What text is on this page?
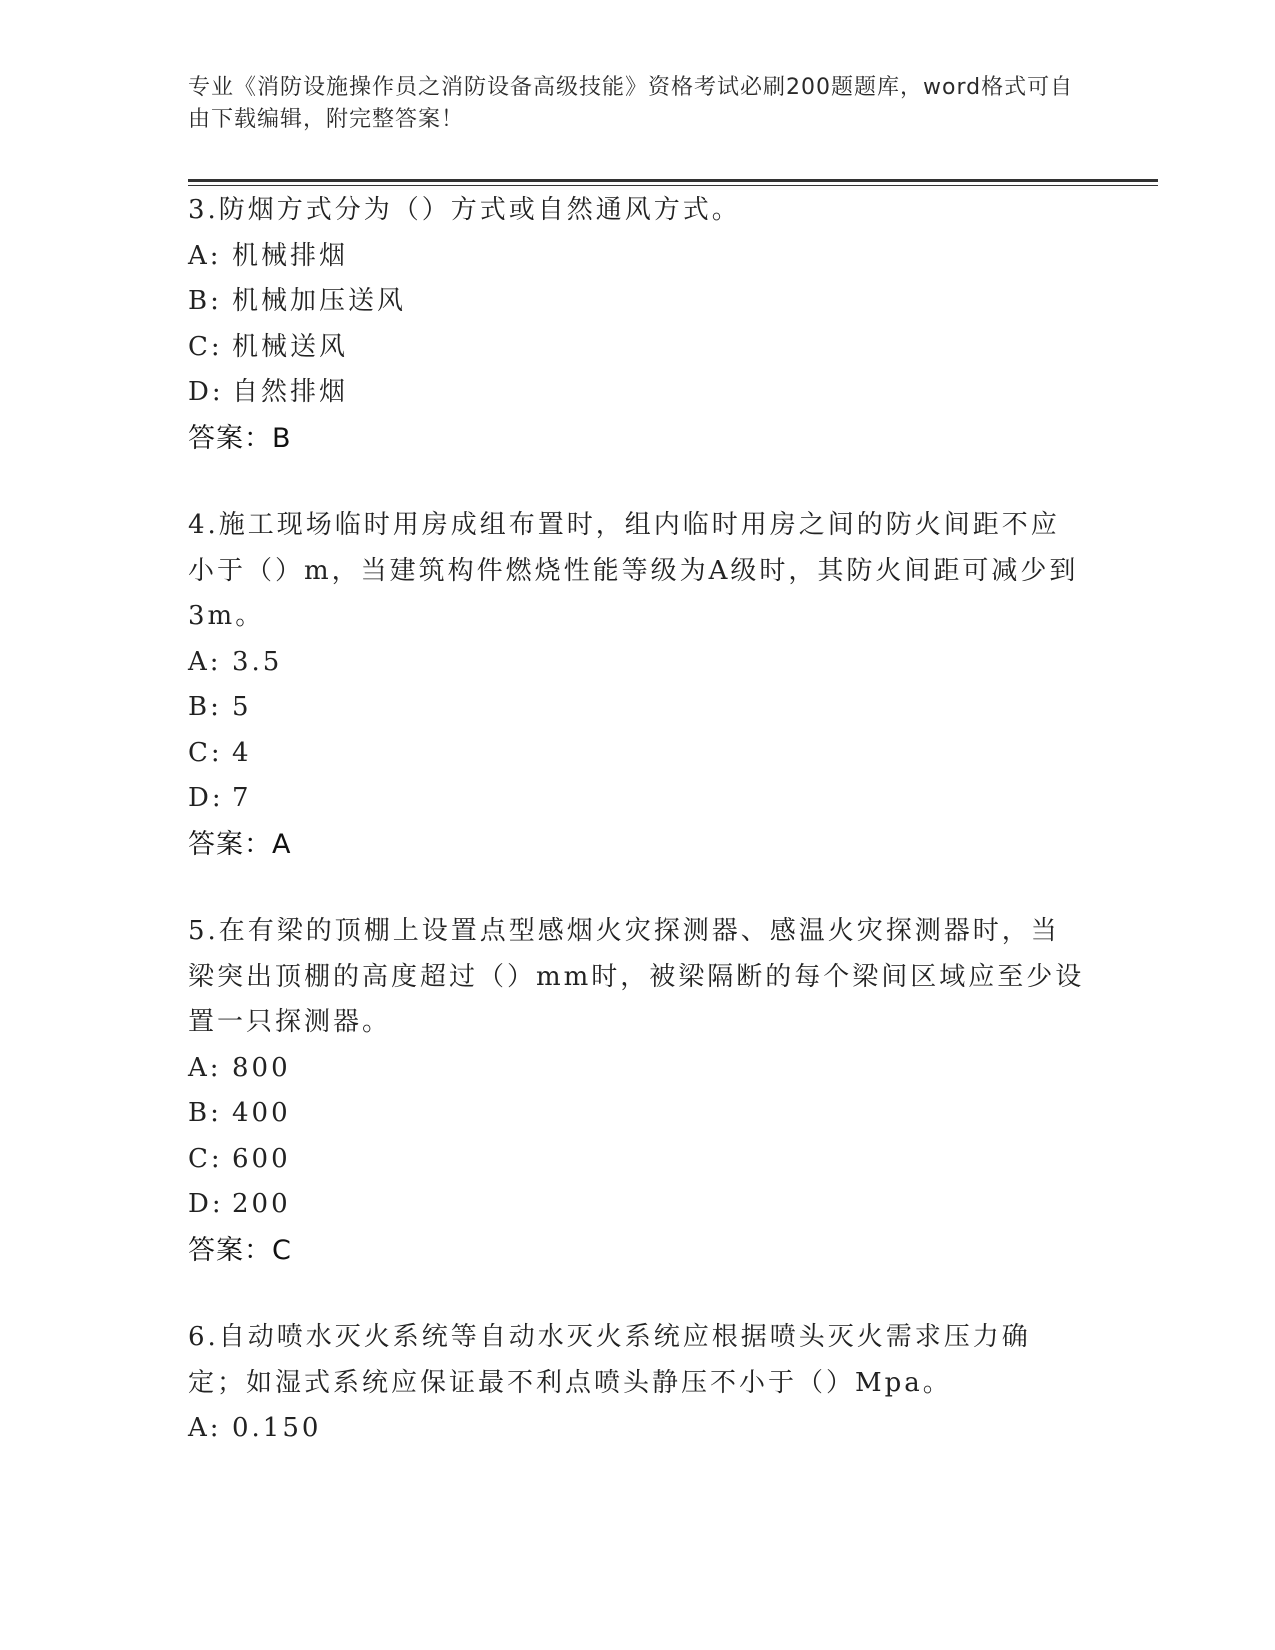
专业《消防设施操作员之消防设备高级技能》资格考试必刷200题题库，word格式可自由下载编辑，附完整答案！

3.防烟方式分为（）方式或自然通风方式。

A: 机械排烟
B: 机械加压送风
C: 机械送风
D: 自然排烟
答案：B

4.施工现场临时用房成组布置时，组内临时用房之间的防火间距不应小于（）m，当建筑构件燃烧性能等级为A级时，其防火间距可减少到3m。

A: 3.5
B: 5
C: 4
D: 7
答案：A

5.在有梁的顶棚上设置点型感烟火灾探测器、感温火灾探测器时，当梁突出顶棚的高度超过（）mm时，被梁隔断的每个梁间区域应至少设置一只探测器。

A: 800
B: 400
C: 600
D: 200
答案：C

6.自动喷水灭火系统等自动水灭火系统应根据喷头灭火需求压力确定；如湿式系统应保证最不利点喷头静压不小于（）Mpa。

A: 0.150
